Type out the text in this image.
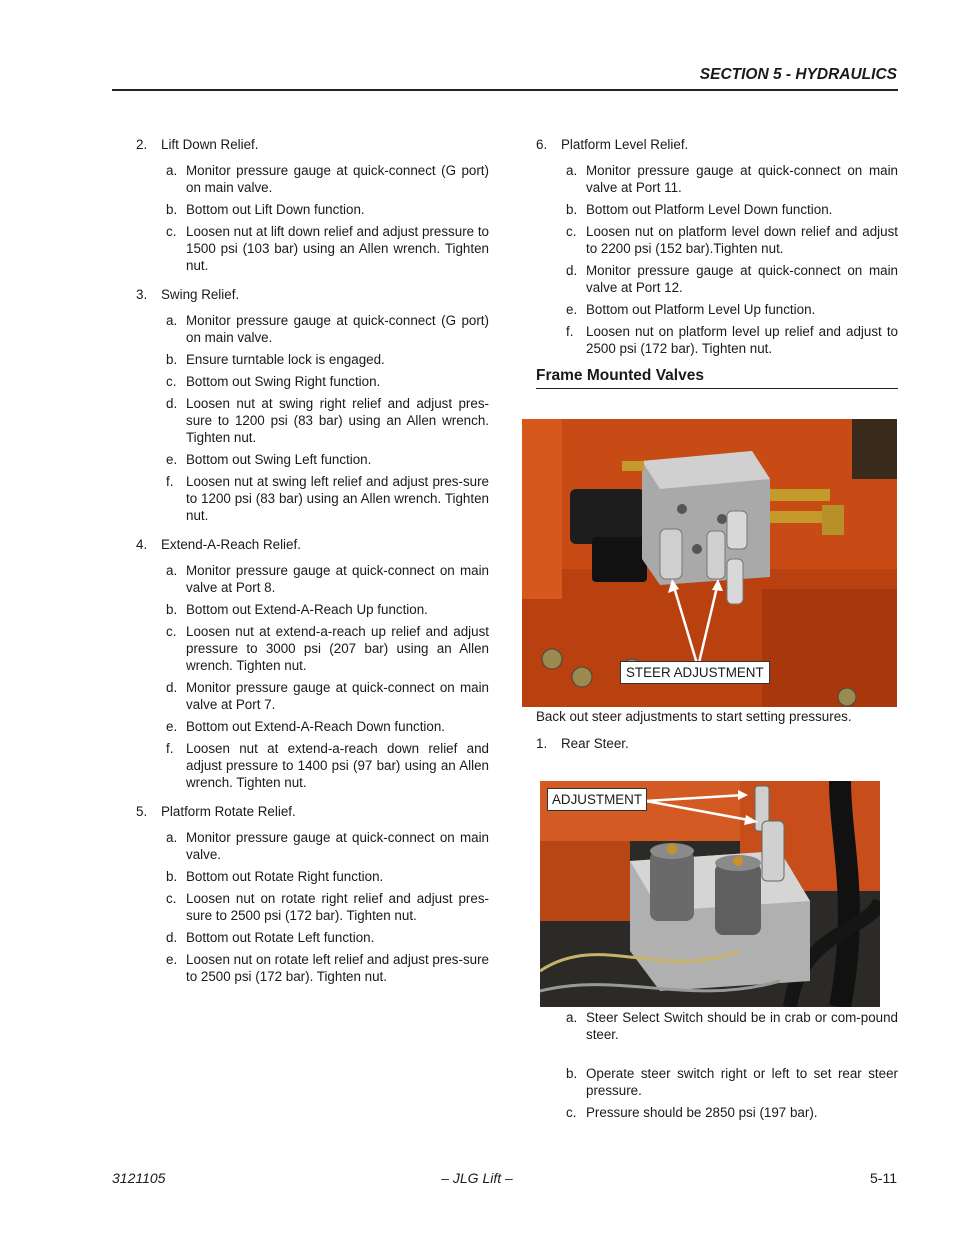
SECTION 5 - HYDRAULICS

2. Lift Down Relief.

a. Monitor pressure gauge at quick-connect (G port) on main valve.
b. Bottom out Lift Down function.
c. Loosen nut at lift down relief and adjust pressure to 1500 psi (103 bar) using an Allen wrench. Tighten nut.

3. Swing Relief.

a. Monitor pressure gauge at quick-connect (G port) on main valve.
b. Ensure turntable lock is engaged.
c. Bottom out Swing Right function.
d. Loosen nut at swing right relief and adjust pres-sure to 1200 psi (83 bar) using an Allen wrench. Tighten nut.
e. Bottom out Swing Left function.
f. Loosen nut at swing left relief and adjust pres-sure to 1200 psi (83 bar) using an Allen wrench. Tighten nut.

4. Extend-A-Reach Relief.

a. Monitor pressure gauge at quick-connect on main valve at Port 8.
b. Bottom out Extend-A-Reach Up function.
c. Loosen nut at extend-a-reach up relief and adjust pressure to 3000 psi (207 bar) using an Allen wrench. Tighten nut.
d. Monitor pressure gauge at quick-connect on main valve at Port 7.
e. Bottom out Extend-A-Reach Down function.
f. Loosen nut at extend-a-reach down relief and adjust pressure to 1400 psi (97 bar) using an Allen wrench. Tighten nut.

5. Platform Rotate Relief.

a. Monitor pressure gauge at quick-connect on main valve.
b. Bottom out Rotate Right function.
c. Loosen nut on rotate right relief and adjust pres-sure to 2500 psi (172 bar). Tighten nut.
d. Bottom out Rotate Left function.
e. Loosen nut on rotate left relief and adjust pres-sure to 2500 psi (172 bar). Tighten nut.

6. Platform Level Relief.

a. Monitor pressure gauge at quick-connect on main valve at Port 11.
b. Bottom out Platform Level Down function.
c. Loosen nut on platform level down relief and adjust to 2200 psi (152 bar).Tighten nut.
d. Monitor pressure gauge at quick-connect on main valve at Port 12.
e. Bottom out Platform Level Up function.
f. Loosen nut on platform level up relief and adjust to 2500 psi (172 bar). Tighten nut.
Frame Mounted Valves
STEER ADJUSTMENT
Back out steer adjustments to start setting pressures.

1. Rear Steer.

ADJUSTMENT
a. Steer Select Switch should be in crab or com-pound steer.
b. Operate steer switch right or left to set rear steer pressure.
c. Pressure should be 2850 psi (197 bar).
3121105	– JLG Lift –	5-11
